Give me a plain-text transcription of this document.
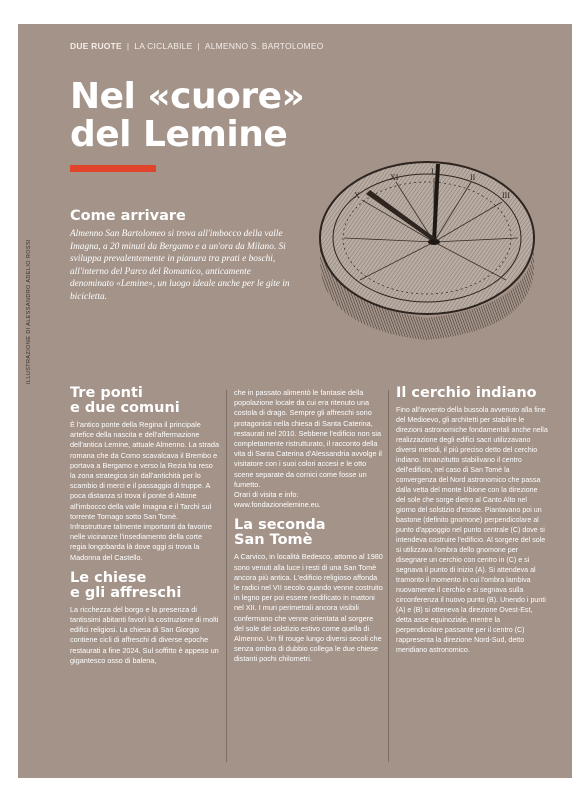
DUE RUOTE | LA CICLABILE | ALMENNO S. BARTOLOMEO
Nel «cuore»
del Lemine
ILLUSTRAZIONE DI ALESSANDRO ADELIO ROSSI
I
II
III
XI
X
Come arrivare

Almenno San Bartolomeo si trova all'imbocco della valle Imagna, a 20 minuti da Bergamo e a un'ora da Milano. Si sviluppa prevalentemente in pianura tra prati e boschi, all'interno del Parco del Romanico, anticamente denominato «Lemine», un luogo ideale anche per le gite in bicicletta.

Tre ponti
e due comuni

È l'antico ponte della Regina il principale artefice della nascita e dell'affermazione dell'antica Lemine, attuale Almenno. La strada romana che da Como scavalcava il Brembo e portava a Bergamo e verso la Rezia ha reso la zona strategica sin dall'antichità per lo scambio di merci e il passaggio di truppe. A poca distanza si trova il ponte di Attone all'imbocco della valle Imagna e il Tarchì sul torrente Tornago sotto San Tomè. Infrastrutture talmente importanti da favorire nelle vicinanze l'insediamento della corte regia longobarda là dove oggi si trova la Madonna del Castello.

Le chiese
e gli affreschi

La ricchezza del borgo e la presenza di tantissimi abitanti favorì la costruzione di molti edifici religiosi. La chiesa di San Giorgio contiene cicli di affreschi di diverse epoche restaurati a fine 2024. Sul soffitto è appeso un gigantesco osso di balena,

che in passato alimentò le fantasie della popolazione locale da cui era ritenuto una costola di drago. Sempre gli affreschi sono protagonisti nella chiesa di Santa Caterina, restaurati nel 2010. Sebbene l'edificio non sia completamente ristrutturato, il racconto della vita di Santa Caterina d'Alessandria avvolge il visitatore con i suoi colori accesi e le otto scene separate da cornici come fosse un fumetto.

Orari di visita e info:

www.fondazionelemine.eu.

La seconda
San Tomè

A Carvico, in località Bedesco, attorno al 1980 sono venuti alla luce i resti di una San Tomè ancora più antica. L'edificio religioso affonda le radici nel VII secolo quando venne costruito in legno per poi essere riedificato in mattoni nel XII. I muri perimetrali ancora visibili confermano che venne orientata al sorgere del sole del solstizio estivo come quella di Almenno. Un fil rouge lungo diversi secoli che senza ombra di dubbio collega le due chiese distanti pochi chilometri.

Il cerchio indiano

Fino all'avvento della bussola avvenuto alla fine del Medioevo, gli architetti per stabilire le direzioni astronomiche fondamentali anche nella realizzazione degli edifici sacri utilizzavano diversi metodi, il più preciso detto del cerchio indiano. Innanzitutto stabilivano il centro dell'edificio, nel caso di San Tomè la convergenza del Nord astronomico che passa dalla vetta del monte Ubione con la direzione del sole che sorge dietro al Canto Alto nel giorno del solstizio d'estate. Piantavano poi un bastone (definito gnomone) perpendicolare al punto d'appoggio nel punto centrale (C) dove si intendeva costruire l'edificio. Al sorgere del sole si utilizzava l'ombra dello gnomone per disegnare un cerchio con centro in (C) e si segnava il punto di inizio (A). Si attendeva al tramonto il momento in cui l'ombra lambiva nuovamente il cerchio e si segnava sulla circonferenza il nuovo punto (B). Unendo i punti (A) e (B) si otteneva la direzione Ovest-Est, detta asse equinoziale, mentre la perpendicolare passante per il centro (C) rappresenta la direzione Nord-Sud, detto meridiano astronomico.
